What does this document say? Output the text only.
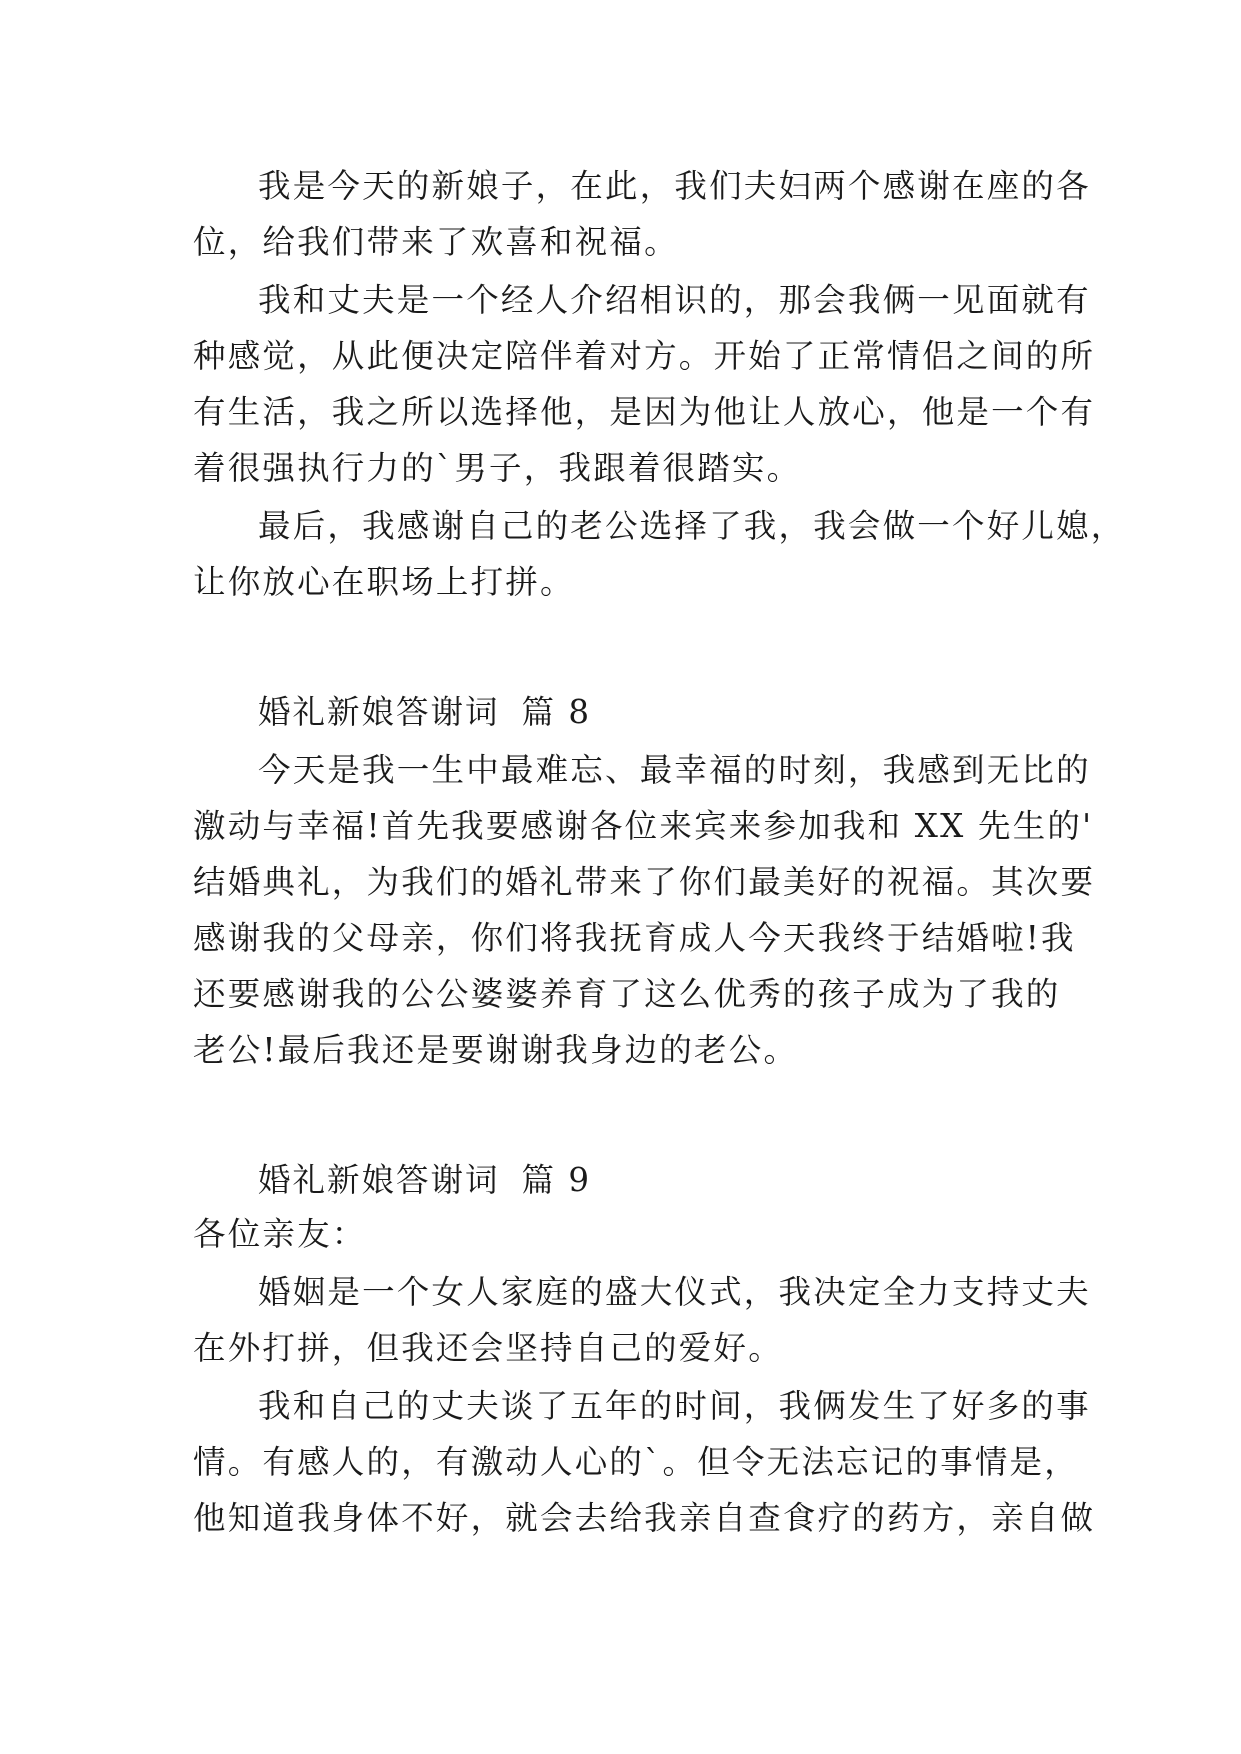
我是今天的新娘子，在此，我们夫妇两个感谢在座的各
位，给我们带来了欢喜和祝福。
我和丈夫是一个经人介绍相识的，那会我俩一见面就有
种感觉，从此便决定陪伴着对方。开始了正常情侣之间的所
有生活，我之所以选择他，是因为他让人放心，他是一个有
着很强执行力的`男子，我跟着很踏实。
最后，我感谢自己的老公选择了我，我会做一个好儿媳，
让你放心在职场上打拼。
婚礼新娘答谢词 篇 8
今天是我一生中最难忘、最幸福的时刻，我感到无比的
激动与幸福!首先我要感谢各位来宾来参加我和 XX 先生的'
结婚典礼，为我们的婚礼带来了你们最美好的祝福。其次要
感谢我的父母亲，你们将我抚育成人今天我终于结婚啦!我
还要感谢我的公公婆婆养育了这么优秀的孩子成为了我的
老公!最后我还是要谢谢我身边的老公。
婚礼新娘答谢词 篇 9
各位亲友：
婚姻是一个女人家庭的盛大仪式，我决定全力支持丈夫
在外打拼，但我还会坚持自己的爱好。
我和自己的丈夫谈了五年的时间，我俩发生了好多的事
情。有感人的，有激动人心的`。但令无法忘记的事情是，
他知道我身体不好，就会去给我亲自查食疗的药方，亲自做
